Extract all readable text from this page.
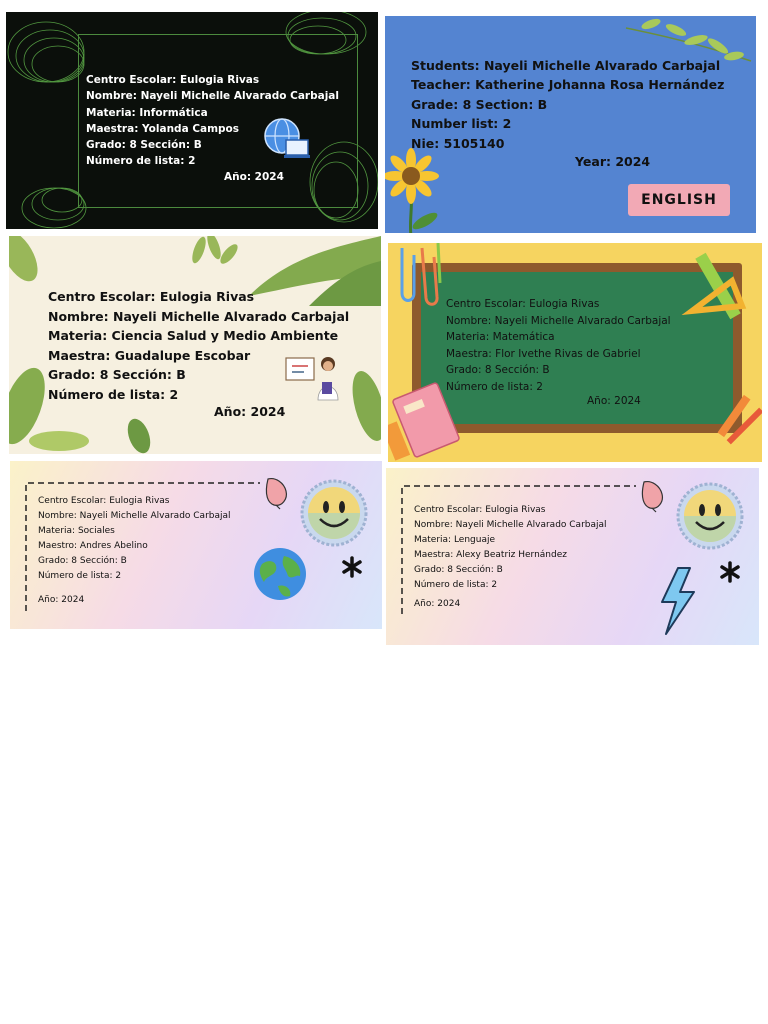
Centro Escolar: Eulogia Rivas
Nombre: Nayeli Michelle Alvarado Carbajal
Materia: Informática
Maestra: Yolanda Campos
Grado: 8 Sección: B
Número de lista: 2
Año: 2024
Students: Nayeli Michelle Alvarado Carbajal
Teacher: Katherine Johanna Rosa Hernández
Grade: 8 Section: B
Number list: 2
Nie: 5105140
Year: 2024
ENGLISH
Centro Escolar: Eulogia Rivas
Nombre: Nayeli Michelle Alvarado Carbajal
Materia: Ciencia Salud y Medio Ambiente
Maestra: Guadalupe Escobar
Grado: 8 Sección: B
Número de lista: 2
Año: 2024
Centro Escolar: Eulogia Rivas
Nombre: Nayeli Michelle Alvarado Carbajal
Materia: Matemática
Maestra: Flor Ivethe Rivas de Gabriel
Grado: 8 Sección: B
Número de lista: 2
Año: 2024
Centro Escolar: Eulogia Rivas
Nombre: Nayeli Michelle Alvarado Carbajal
Materia: Sociales
Maestro: Andres Abelino
Grado: 8 Sección: B
Número de lista: 2
Año: 2024
Centro Escolar: Eulogia Rivas
Nombre: Nayeli Michelle Alvarado Carbajal
Materia: Lenguaje
Maestra: Alexy Beatriz Hernández
Grado: 8 Sección: B
Número de lista: 2
Año: 2024
